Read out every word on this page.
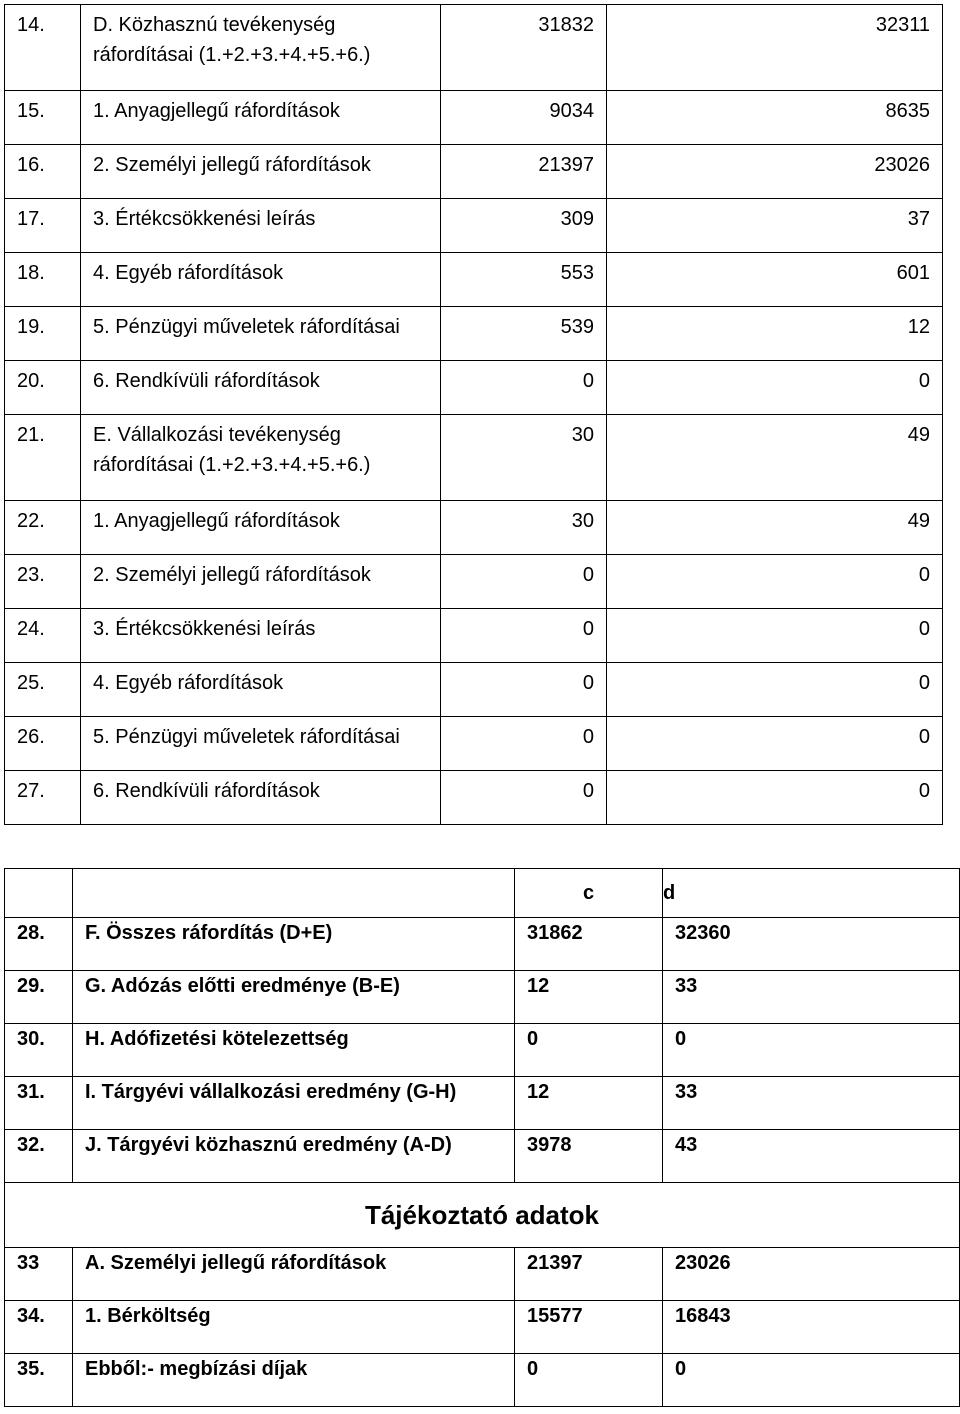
14.	D. Közhasznú tevékenység ráfordításai (1.+2.+3.+4.+5.+6.)	31832	32311
15.	1. Anyagjellegű ráfordítások	9034	8635
16.	2. Személyi jellegű ráfordítások	21397	23026
17.	3. Értékcsökkenési leírás	309	37
18.	4. Egyéb ráfordítások	553	601
19.	5. Pénzügyi műveletek ráfordításai	539	12
20.	6. Rendkívüli ráfordítások	0	0
21.	E. Vállalkozási tevékenység ráfordításai (1.+2.+3.+4.+5.+6.)	30	49
22.	1. Anyagjellegű ráfordítások	30	49
23.	2. Személyi jellegű ráfordítások	0	0
24.	3. Értékcsökkenési leírás	0	0
25.	4. Egyéb ráfordítások	0	0
26.	5. Pénzügyi műveletek ráfordításai	0	0
27.	6. Rendkívüli ráfordítások	0	0
		c	d
28.	F. Összes ráfordítás (D+E)	31862	32360
29.	G. Adózás előtti eredménye (B-E)	12	33
30.	H. Adófizetési kötelezettség	0	0
31.	I. Tárgyévi vállalkozási eredmény (G-H)	12	33
32.	J. Tárgyévi közhasznú eredmény (A-D)	3978	43
Tájékoztató adatok			
33	A. Személyi jellegű ráfordítások	21397	23026
34.	1. Bérköltség	15577	16843
35.	Ebből:- megbízási díjak	0	0
